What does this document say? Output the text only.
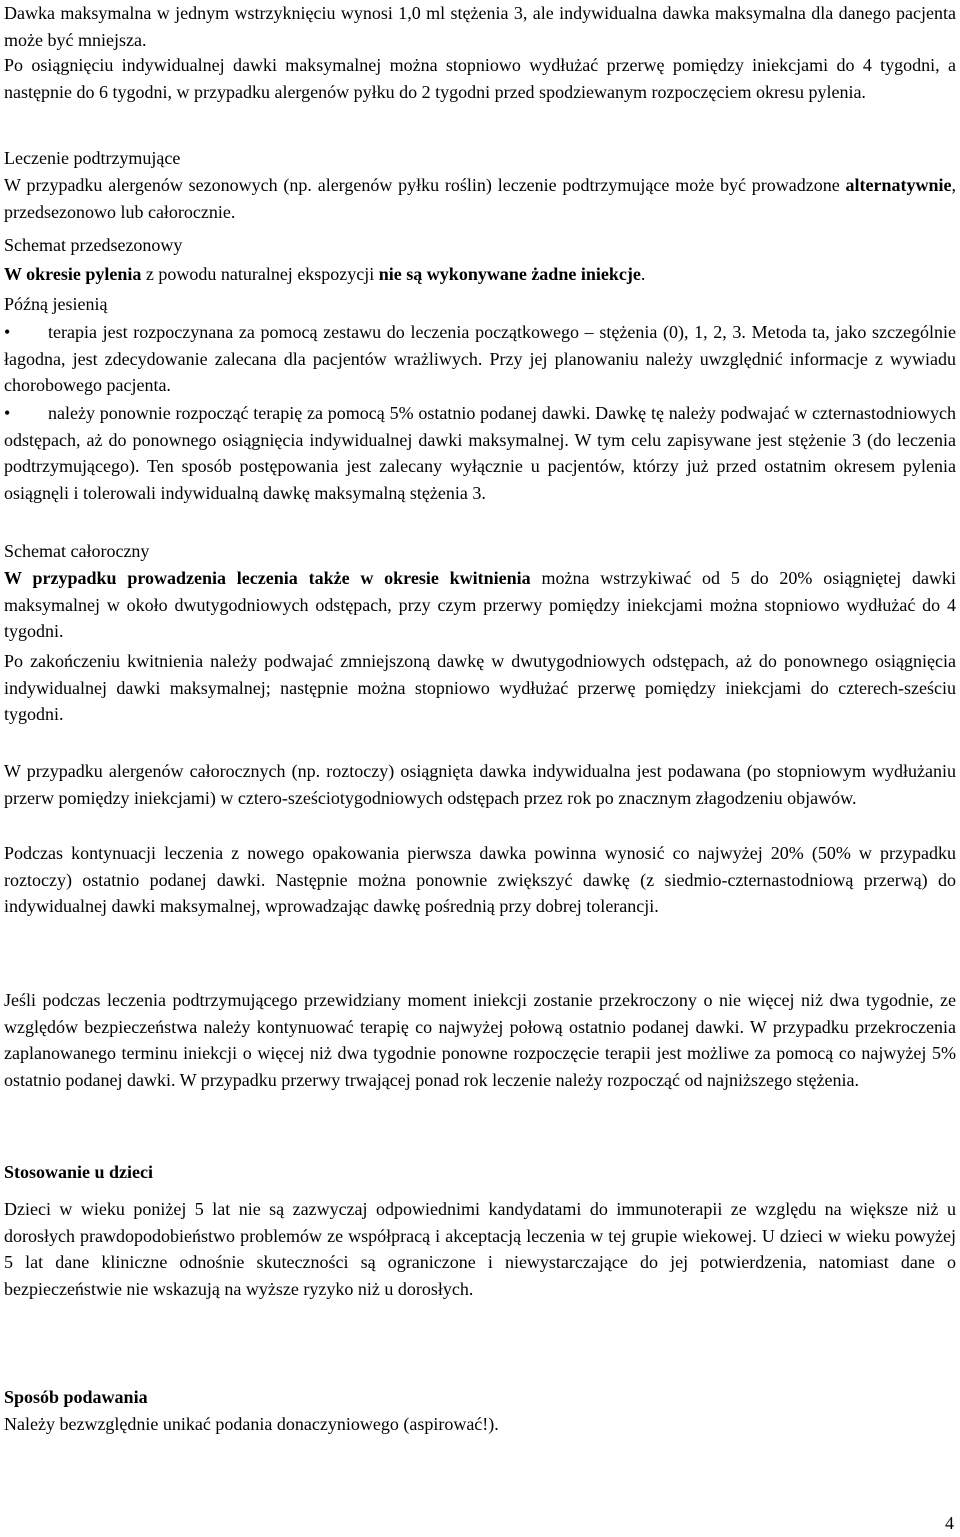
Dawka maksymalna w jednym wstrzyknięciu wynosi 1,0 ml stężenia 3, ale indywidualna dawka maksymalna dla danego pacjenta może być mniejsza.

Po osiągnięciu indywidualnej dawki maksymalnej można stopniowo wydłużać przerwę pomiędzy iniekcjami do 4 tygodni, a następnie do 6 tygodni, w przypadku alergenów pyłku do 2 tygodni przed spodziewanym rozpoczęciem okresu pylenia.

Leczenie podtrzymujące

W przypadku alergenów sezonowych (np. alergenów pyłku roślin) leczenie podtrzymujące może być prowadzone alternatywnie, przedsezonowo lub całorocznie.

Schemat przedsezonowy

W okresie pylenia z powodu naturalnej ekspozycji nie są wykonywane żadne iniekcje.

Późną jesienią
• terapia jest rozpoczynana za pomocą zestawu do leczenia początkowego – stężenia (0), 1, 2, 3. Metoda ta, jako szczególnie łagodna, jest zdecydowanie zalecana dla pacjentów wrażliwych. Przy jej planowaniu należy uwzględnić informacje z wywiadu chorobowego pacjenta.
• należy ponownie rozpocząć terapię za pomocą 5% ostatnio podanej dawki. Dawkę tę należy podwajać w czternastodniowych odstępach, aż do ponownego osiągnięcia indywidualnej dawki maksymalnej. W tym celu zapisywane jest stężenie 3 (do leczenia podtrzymującego). Ten sposób postępowania jest zalecany wyłącznie u pacjentów, którzy już przed ostatnim okresem pylenia osiągnęli i tolerowali indywidualną dawkę maksymalną stężenia 3.
Schemat całoroczny

W przypadku prowadzenia leczenia także w okresie kwitnienia można wstrzykiwać od 5 do 20% osiągniętej dawki maksymalnej w około dwutygodniowych odstępach, przy czym przerwy pomiędzy iniekcjami można stopniowo wydłużać do 4 tygodni.

Po zakończeniu kwitnienia należy podwajać zmniejszoną dawkę w dwutygodniowych odstępach, aż do ponownego osiągnięcia indywidualnej dawki maksymalnej; następnie można stopniowo wydłużać przerwę pomiędzy iniekcjami do czterech-sześciu tygodni.

W przypadku alergenów całorocznych (np. roztoczy) osiągnięta dawka indywidualna jest podawana (po stopniowym wydłużaniu przerw pomiędzy iniekcjami) w cztero-sześciotygodniowych odstępach przez rok po znacznym złagodzeniu objawów.

Podczas kontynuacji leczenia z nowego opakowania pierwsza dawka powinna wynosić co najwyżej 20% (50% w przypadku roztoczy) ostatnio podanej dawki. Następnie można ponownie zwiększyć dawkę (z siedmio-czternastodniową przerwą) do indywidualnej dawki maksymalnej, wprowadzając dawkę pośrednią przy dobrej tolerancji.

Jeśli podczas leczenia podtrzymującego przewidziany moment iniekcji zostanie przekroczony o nie więcej niż dwa tygodnie, ze względów bezpieczeństwa należy kontynuować terapię co najwyżej połową ostatnio podanej dawki. W przypadku przekroczenia zaplanowanego terminu iniekcji o więcej niż dwa tygodnie ponowne rozpoczęcie terapii jest możliwe za pomocą co najwyżej 5% ostatnio podanej dawki. W przypadku przerwy trwającej ponad rok leczenie należy rozpocząć od najniższego stężenia.

Stosowanie u dzieci

Dzieci w wieku poniżej 5 lat nie są zazwyczaj odpowiednimi kandydatami do immunoterapii ze względu na większe niż u dorosłych prawdopodobieństwo problemów ze współpracą i akceptacją leczenia w tej grupie wiekowej. U dzieci w wieku powyżej 5 lat dane kliniczne odnośnie skuteczności są ograniczone i niewystarczające do jej potwierdzenia, natomiast dane o bezpieczeństwie nie wskazują na wyższe ryzyko niż u dorosłych.

Sposób podawania

Należy bezwzględnie unikać podania donaczyniowego (aspirować!).

4
